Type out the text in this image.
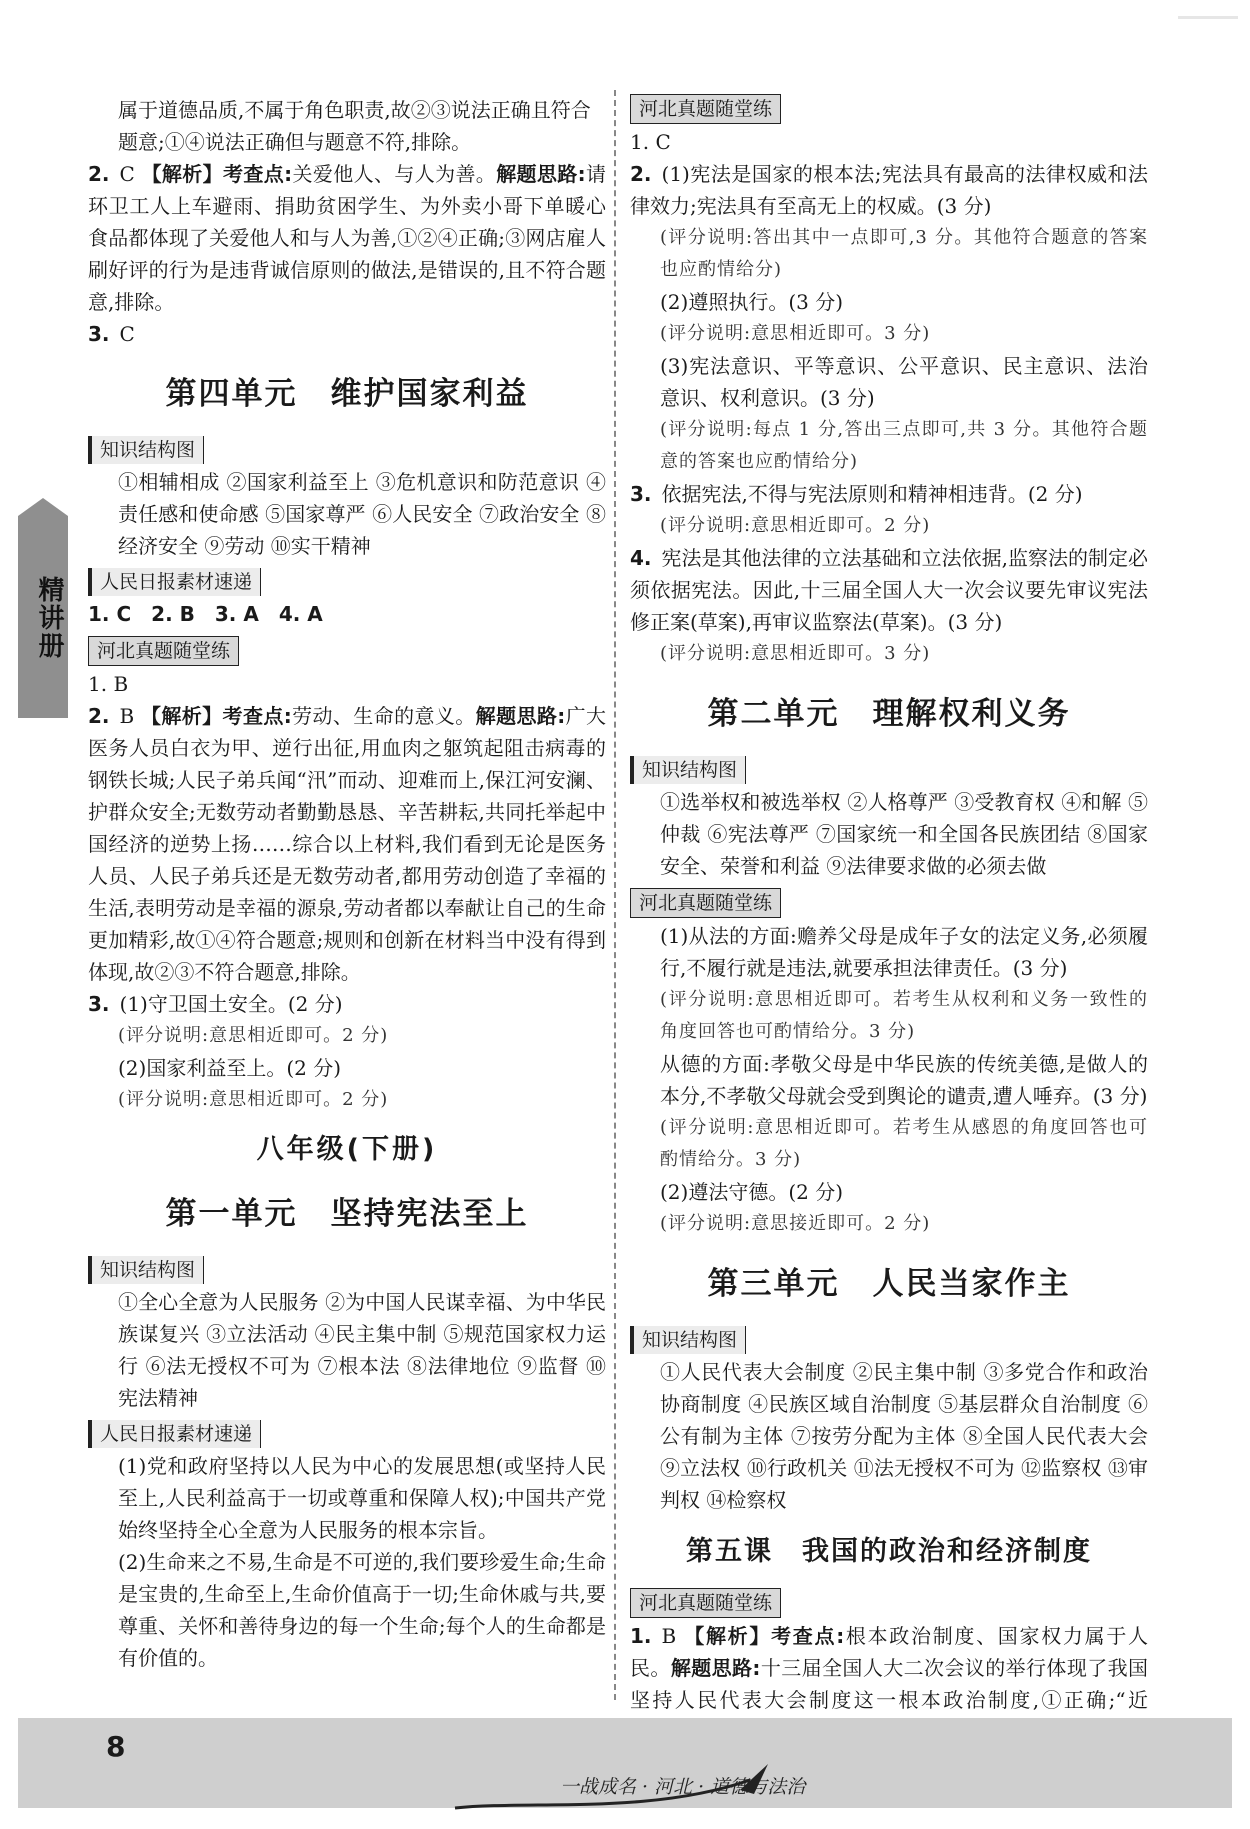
精讲册

属于道德品质,不属于角色职责,故②③说法正确且符合

题意;①④说法正确但与题意不符,排除。

2. C 【解析】考查点:关爱他人、与人为善。解题思路:请环卫工人上车避雨、捐助贫困学生、为外卖小哥下单暖心食品都体现了关爱他人和与人为善,①②④正确;③网店雇人刷好评的行为是违背诚信原则的做法,是错误的,且不符合题意,排除。

3. C

第四单元　维护国家利益
知识结构图

①相辅相成 ②国家利益至上 ③危机意识和防范意识 ④责任感和使命感 ⑤国家尊严 ⑥人民安全 ⑦政治安全 ⑧经济安全 ⑨劳动 ⑩实干精神

人民日报素材速递

1. C　2. B　3. A　4. A

河北真题随堂练

1. B

2. B 【解析】考查点:劳动、生命的意义。解题思路:广大医务人员白衣为甲、逆行出征,用血肉之躯筑起阻击病毒的钢铁长城;人民子弟兵闻“汛”而动、迎难而上,保江河安澜、护群众安全;无数劳动者勤勤恳恳、辛苦耕耘,共同托举起中国经济的逆势上扬……综合以上材料,我们看到无论是医务人员、人民子弟兵还是无数劳动者,都用劳动创造了幸福的生活,表明劳动是幸福的源泉,劳动者都以奉献让自己的生命更加精彩,故①④符合题意;规则和创新在材料当中没有得到体现,故②③不符合题意,排除。

3. (1)守卫国土安全。(2 分)

(评分说明:意思相近即可。2 分)

(2)国家利益至上。(2 分)

(评分说明:意思相近即可。2 分)

八年级(下册)
第一单元　坚持宪法至上
知识结构图

①全心全意为人民服务 ②为中国人民谋幸福、为中华民族谋复兴 ③立法活动 ④民主集中制 ⑤规范国家权力运行 ⑥法无授权不可为 ⑦根本法 ⑧法律地位 ⑨监督 ⑩宪法精神

人民日报素材速递

(1)党和政府坚持以人民为中心的发展思想(或坚持人民至上,人民利益高于一切或尊重和保障人权);中国共产党始终坚持全心全意为人民服务的根本宗旨。

(2)生命来之不易,生命是不可逆的,我们要珍爱生命;生命是宝贵的,生命至上,生命价值高于一切;生命休戚与共,要尊重、关怀和善待身边的每一个生命;每个人的生命都是有价值的。

河北真题随堂练

1. C

2. (1)宪法是国家的根本法;宪法具有最高的法律权威和法律效力;宪法具有至高无上的权威。(3 分)

(评分说明:答出其中一点即可,3 分。其他符合题意的答案也应酌情给分)

(2)遵照执行。(3 分)

(评分说明:意思相近即可。3 分)

(3)宪法意识、平等意识、公平意识、民主意识、法治意识、权利意识。(3 分)

(评分说明:每点 1 分,答出三点即可,共 3 分。其他符合题意的答案也应酌情给分)

3. 依据宪法,不得与宪法原则和精神相违背。(2 分)

(评分说明:意思相近即可。2 分)

4. 宪法是其他法律的立法基础和立法依据,监察法的制定必须依据宪法。因此,十三届全国人大一次会议要先审议宪法修正案(草案),再审议监察法(草案)。(3 分)

(评分说明:意思相近即可。3 分)

第二单元　理解权利义务
知识结构图

①选举权和被选举权 ②人格尊严 ③受教育权 ④和解 ⑤仲裁 ⑥宪法尊严 ⑦国家统一和全国各民族团结 ⑧国家安全、荣誉和利益 ⑨法律要求做的必须去做

河北真题随堂练

(1)从法的方面:赡养父母是成年子女的法定义务,必须履行,不履行就是违法,就要承担法律责任。(3 分)

(评分说明:意思相近即可。若考生从权利和义务一致性的角度回答也可酌情给分。3 分)

从德的方面:孝敬父母是中华民族的传统美德,是做人的本分,不孝敬父母就会受到舆论的谴责,遭人唾弃。(3 分)

(评分说明:意思相近即可。若考生从感恩的角度回答也可酌情给分。3 分)

(2)遵法守德。(2 分)

(评分说明:意思接近即可。2 分)

第三单元　人民当家作主
知识结构图

①人民代表大会制度 ②民主集中制 ③多党合作和政治协商制度 ④民族区域自治制度 ⑤基层群众自治制度 ⑥公有制为主体 ⑦按劳分配为主体 ⑧全国人民代表大会 ⑨立法权 ⑩行政机关 ⑪法无授权不可为 ⑫监察权 ⑬审判权 ⑭检察权

第五课　我国的政治和经济制度
河北真题随堂练

1. B 【解析】考查点:根本政治制度、国家权力属于人民。解题思路:十三届全国人大二次会议的举行体现了我国坚持人民代表大会制度这一根本政治制度,①正确;“近

8
一战成名 · 河北 · 道德与法治
